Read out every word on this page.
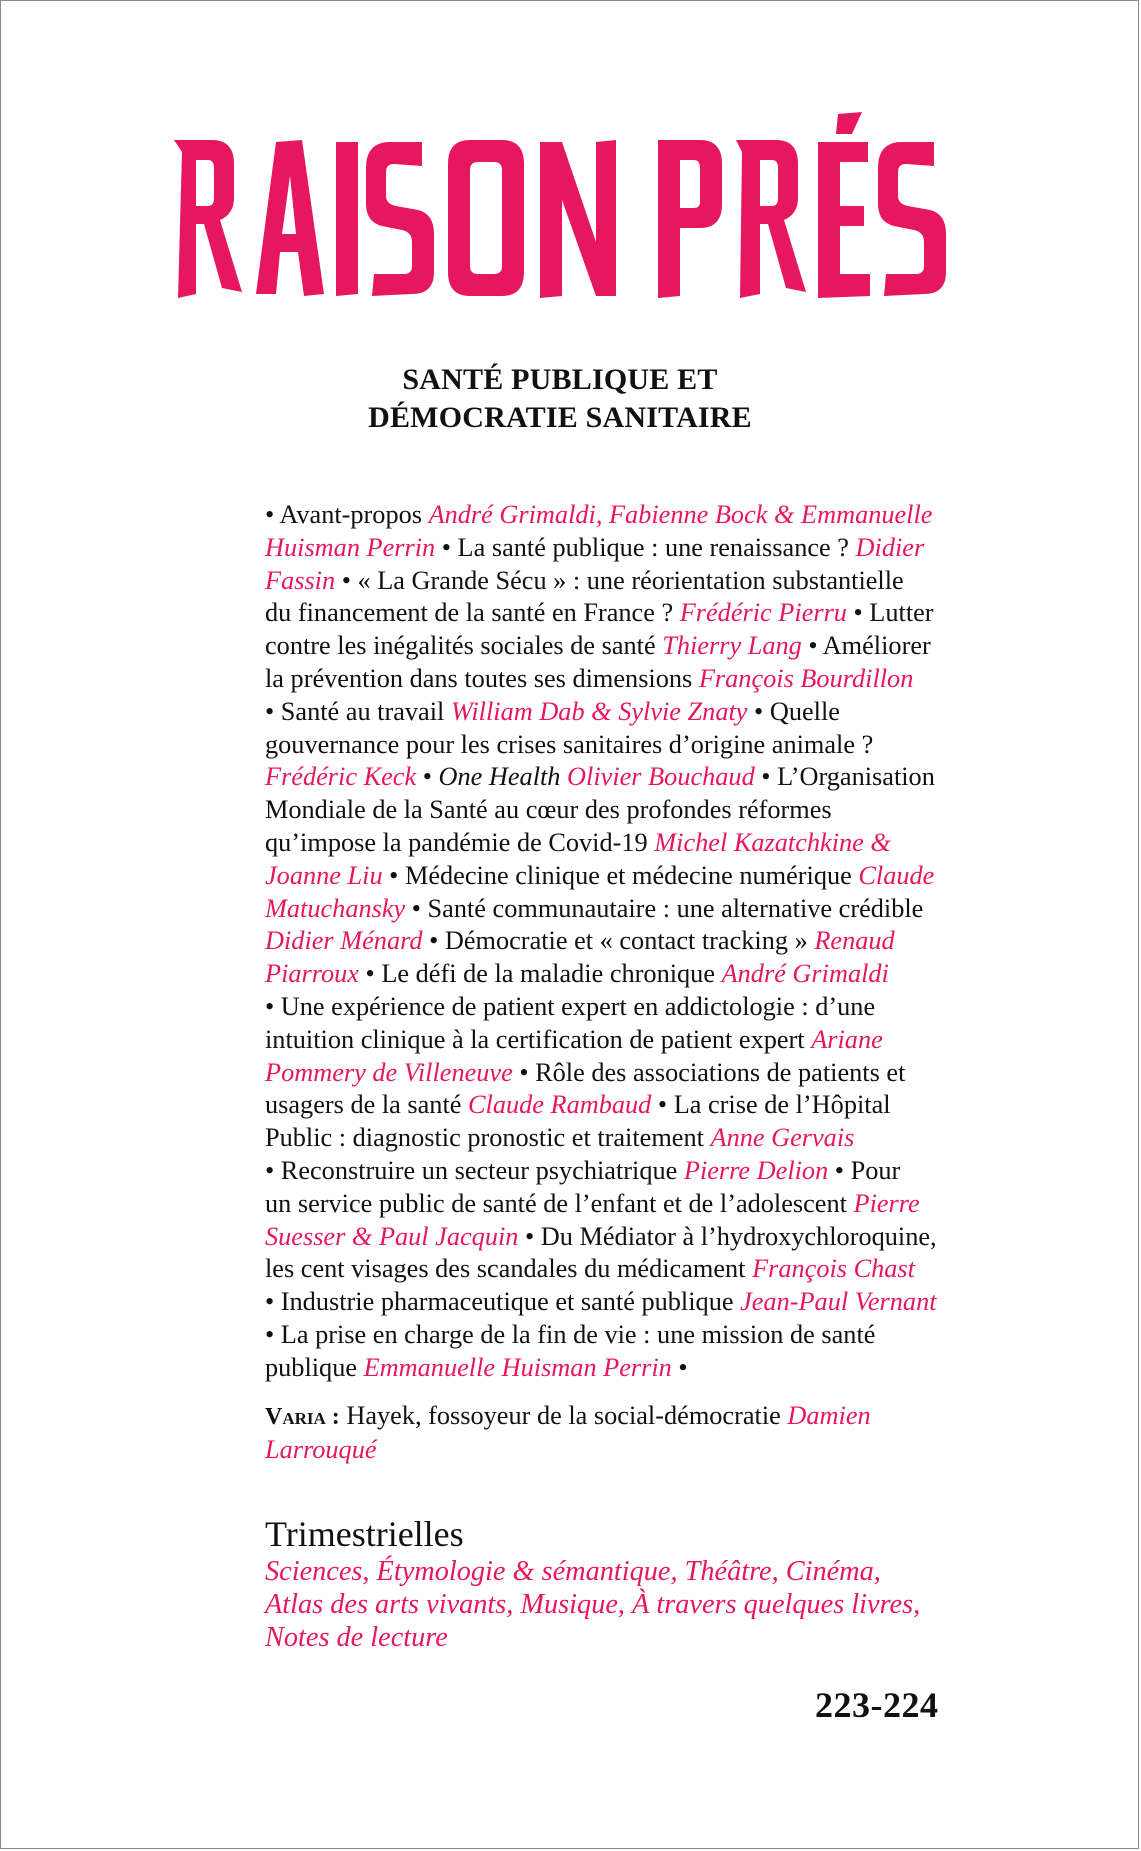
SANTÉ PUBLIQUE ET
DÉMOCRATIE SANITAIRE
• Avant-propos André Grimaldi, Fabienne Bock & Emmanuelle
Huisman Perrin • La santé publique : une renaissance ? Didier
Fassin • « La Grande Sécu » : une réorientation substantielle
du financement de la santé en France ? Frédéric Pierru • Lutter
contre les inégalités sociales de santé Thierry Lang • Améliorer
la prévention dans toutes ses dimensions François Bourdillon
• Santé au travail William Dab & Sylvie Znaty • Quelle
gouvernance pour les crises sanitaires d’origine animale ?
Frédéric Keck • One Health Olivier Bouchaud • L’Organisation
Mondiale de la Santé au cœur des profondes réformes
qu’impose la pandémie de Covid-19 Michel Kazatchkine &
Joanne Liu • Médecine clinique et médecine numérique Claude
Matuchansky • Santé communautaire : une alternative crédible
Didier Ménard • Démocratie et « contact tracking » Renaud
Piarroux • Le défi de la maladie chronique André Grimaldi
• Une expérience de patient expert en addictologie : d’une
intuition clinique à la certification de patient expert Ariane
Pommery de Villeneuve • Rôle des associations de patients et
usagers de la santé Claude Rambaud • La crise de l’Hôpital
Public : diagnostic pronostic et traitement Anne Gervais
• Reconstruire un secteur psychiatrique Pierre Delion • Pour
un service public de santé de l’enfant et de l’adolescent Pierre
Suesser & Paul Jacquin • Du Médiator à l’hydroxychloroquine,
les cent visages des scandales du médicament François Chast
• Industrie pharmaceutique et santé publique Jean-Paul Vernant
• La prise en charge de la fin de vie : une mission de santé
publique Emmanuelle Huisman Perrin •
Varia : Hayek, fossoyeur de la social-démocratie Damien
Larrouqué
Trimestrielles
Sciences, Étymologie & sémantique, Théâtre, Cinéma,
Atlas des arts vivants, Musique, À travers quelques livres,
Notes de lecture
223-224
